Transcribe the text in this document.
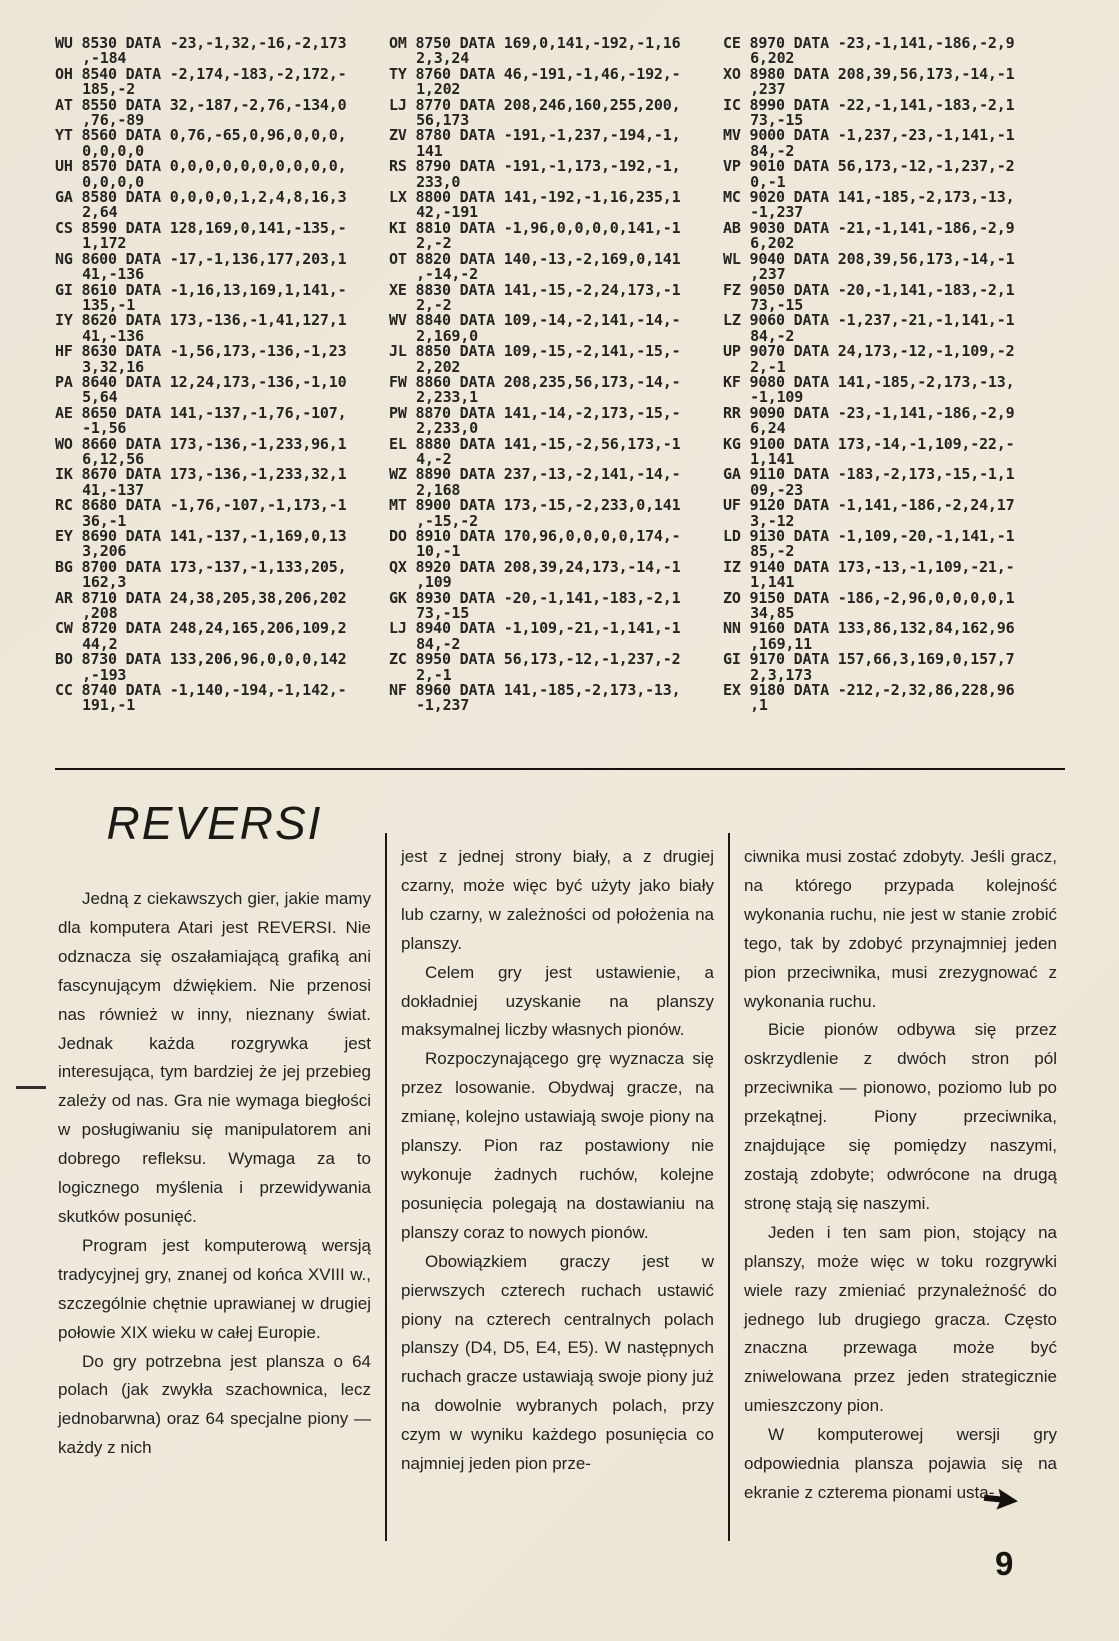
WU 8530 DATA -23,-1,32,-16,-2,173
,-184
OH 8540 DATA -2,174,-183,-2,172,-
185,-2
AT 8550 DATA 32,-187,-2,76,-134,0
,76,-89
YT 8560 DATA 0,76,-65,0,96,0,0,0,
0,0,0,0
UH 8570 DATA 0,0,0,0,0,0,0,0,0,0,
0,0,0,0
GA 8580 DATA 0,0,0,0,1,2,4,8,16,3
2,64
CS 8590 DATA 128,169,0,141,-135,-
1,172
NG 8600 DATA -17,-1,136,177,203,1
41,-136
GI 8610 DATA -1,16,13,169,1,141,-
135,-1
IY 8620 DATA 173,-136,-1,41,127,1
41,-136
HF 8630 DATA -1,56,173,-136,-1,23
3,32,16
PA 8640 DATA 12,24,173,-136,-1,10
5,64
AE 8650 DATA 141,-137,-1,76,-107,
-1,56
WO 8660 DATA 173,-136,-1,233,96,1
6,12,56
IK 8670 DATA 173,-136,-1,233,32,1
41,-137
RC 8680 DATA -1,76,-107,-1,173,-1
36,-1
EY 8690 DATA 141,-137,-1,169,0,13
3,206
BG 8700 DATA 173,-137,-1,133,205,
162,3
AR 8710 DATA 24,38,205,38,206,202
,208
CW 8720 DATA 248,24,165,206,109,2
44,2
BO 8730 DATA 133,206,96,0,0,0,142
,-193
CC 8740 DATA -1,140,-194,-1,142,-
191,-1
OM 8750 DATA 169,0,141,-192,-1,16
2,3,24
TY 8760 DATA 46,-191,-1,46,-192,-
1,202
LJ 8770 DATA 208,246,160,255,200,
56,173
ZV 8780 DATA -191,-1,237,-194,-1,
141
RS 8790 DATA -191,-1,173,-192,-1,
233,0
LX 8800 DATA 141,-192,-1,16,235,1
42,-191
KI 8810 DATA -1,96,0,0,0,0,141,-1
2,-2
OT 8820 DATA 140,-13,-2,169,0,141
,-14,-2
XE 8830 DATA 141,-15,-2,24,173,-1
2,-2
WV 8840 DATA 109,-14,-2,141,-14,-
2,169,0
JL 8850 DATA 109,-15,-2,141,-15,-
2,202
FW 8860 DATA 208,235,56,173,-14,-
2,233,1
PW 8870 DATA 141,-14,-2,173,-15,-
2,233,0
EL 8880 DATA 141,-15,-2,56,173,-1
4,-2
WZ 8890 DATA 237,-13,-2,141,-14,-
2,168
MT 8900 DATA 173,-15,-2,233,0,141
,-15,-2
DO 8910 DATA 170,96,0,0,0,0,174,-
10,-1
QX 8920 DATA 208,39,24,173,-14,-1
,109
GK 8930 DATA -20,-1,141,-183,-2,1
73,-15
LJ 8940 DATA -1,109,-21,-1,141,-1
84,-2
ZC 8950 DATA 56,173,-12,-1,237,-2
2,-1
NF 8960 DATA 141,-185,-2,173,-13,
-1,237
CE 8970 DATA -23,-1,141,-186,-2,9
6,202
XO 8980 DATA 208,39,56,173,-14,-1
,237
IC 8990 DATA -22,-1,141,-183,-2,1
73,-15
MV 9000 DATA -1,237,-23,-1,141,-1
84,-2
VP 9010 DATA 56,173,-12,-1,237,-2
0,-1
MC 9020 DATA 141,-185,-2,173,-13,
-1,237
AB 9030 DATA -21,-1,141,-186,-2,9
6,202
WL 9040 DATA 208,39,56,173,-14,-1
,237
FZ 9050 DATA -20,-1,141,-183,-2,1
73,-15
LZ 9060 DATA -1,237,-21,-1,141,-1
84,-2
UP 9070 DATA 24,173,-12,-1,109,-2
2,-1
KF 9080 DATA 141,-185,-2,173,-13,
-1,109
RR 9090 DATA -23,-1,141,-186,-2,9
6,24
KG 9100 DATA 173,-14,-1,109,-22,-
1,141
GA 9110 DATA -183,-2,173,-15,-1,1
09,-23
UF 9120 DATA -1,141,-186,-2,24,17
3,-12
LD 9130 DATA -1,109,-20,-1,141,-1
85,-2
IZ 9140 DATA 173,-13,-1,109,-21,-
1,141
ZO 9150 DATA -186,-2,96,0,0,0,0,1
34,85
NN 9160 DATA 133,86,132,84,162,96
,169,11
GI 9170 DATA 157,66,3,169,0,157,7
2,3,173
EX 9180 DATA -212,-2,32,86,228,96
,1
REVERSI

Jedną z ciekawszych gier, jakie mamy dla komputera Atari jest REVERSI. Nie odznacza się oszałamiającą grafiką ani fascynującym dźwiękiem. Nie przenosi nas również w inny, nieznany świat. Jednak każda rozgrywka jest interesująca, tym bardziej że jej przebieg zależy od nas. Gra nie wymaga biegłości w posługiwaniu się manipulatorem ani dobrego refleksu. Wymaga za to logicznego myślenia i przewidywania skutków posunięć.

Program jest komputerową wersją tradycyjnej gry, znanej od końca XVIII w., szczególnie chętnie uprawianej w drugiej połowie XIX wieku w całej Europie.

Do gry potrzebna jest plansza o 64 polach (jak zwykła szachownica, lecz jednobarwna) oraz 64 specjalne piony — każdy z nich

jest z jednej strony biały, a z drugiej czarny, może więc być użyty jako biały lub czarny, w zależności od położenia na planszy.

Celem gry jest ustawienie, a dokładniej uzyskanie na planszy maksymalnej liczby własnych pionów.

Rozpoczynającego grę wyznacza się przez losowanie. Obydwaj gracze, na zmianę, kolejno ustawiają swoje piony na planszy. Pion raz postawiony nie wykonuje żadnych ruchów, kolejne posunięcia polegają na dostawianiu na planszy coraz to nowych pionów.

Obowiązkiem graczy jest w pierwszych czterech ruchach ustawić piony na czterech centralnych polach planszy (D4, D5, E4, E5). W następnych ruchach gracze ustawiają swoje piony już na dowolnie wybranych polach, przy czym w wyniku każdego posunięcia co najmniej jeden pion prze-

ciwnika musi zostać zdobyty. Jeśli gracz, na którego przypada kolejność wykonania ruchu, nie jest w stanie zrobić tego, tak by zdobyć przynajmniej jeden pion przeciwnika, musi zrezygnować z wykonania ruchu.

Bicie pionów odbywa się przez oskrzydlenie z dwóch stron pól przeciwnika — pionowo, poziomo lub po przekątnej. Piony przeciwnika, znajdujące się pomiędzy naszymi, zostają zdobyte; odwrócone na drugą stronę stają się naszymi.

Jeden i ten sam pion, stojący na planszy, może więc w toku rozgrywki wiele razy zmieniać przynależność do jednego lub drugiego gracza. Często znaczna przewaga może być zniwelowana przez jeden strategicznie umieszczony pion.

W komputerowej wersji gry odpowiednia plansza pojawia się na ekranie z czterema pionami usta-

9
